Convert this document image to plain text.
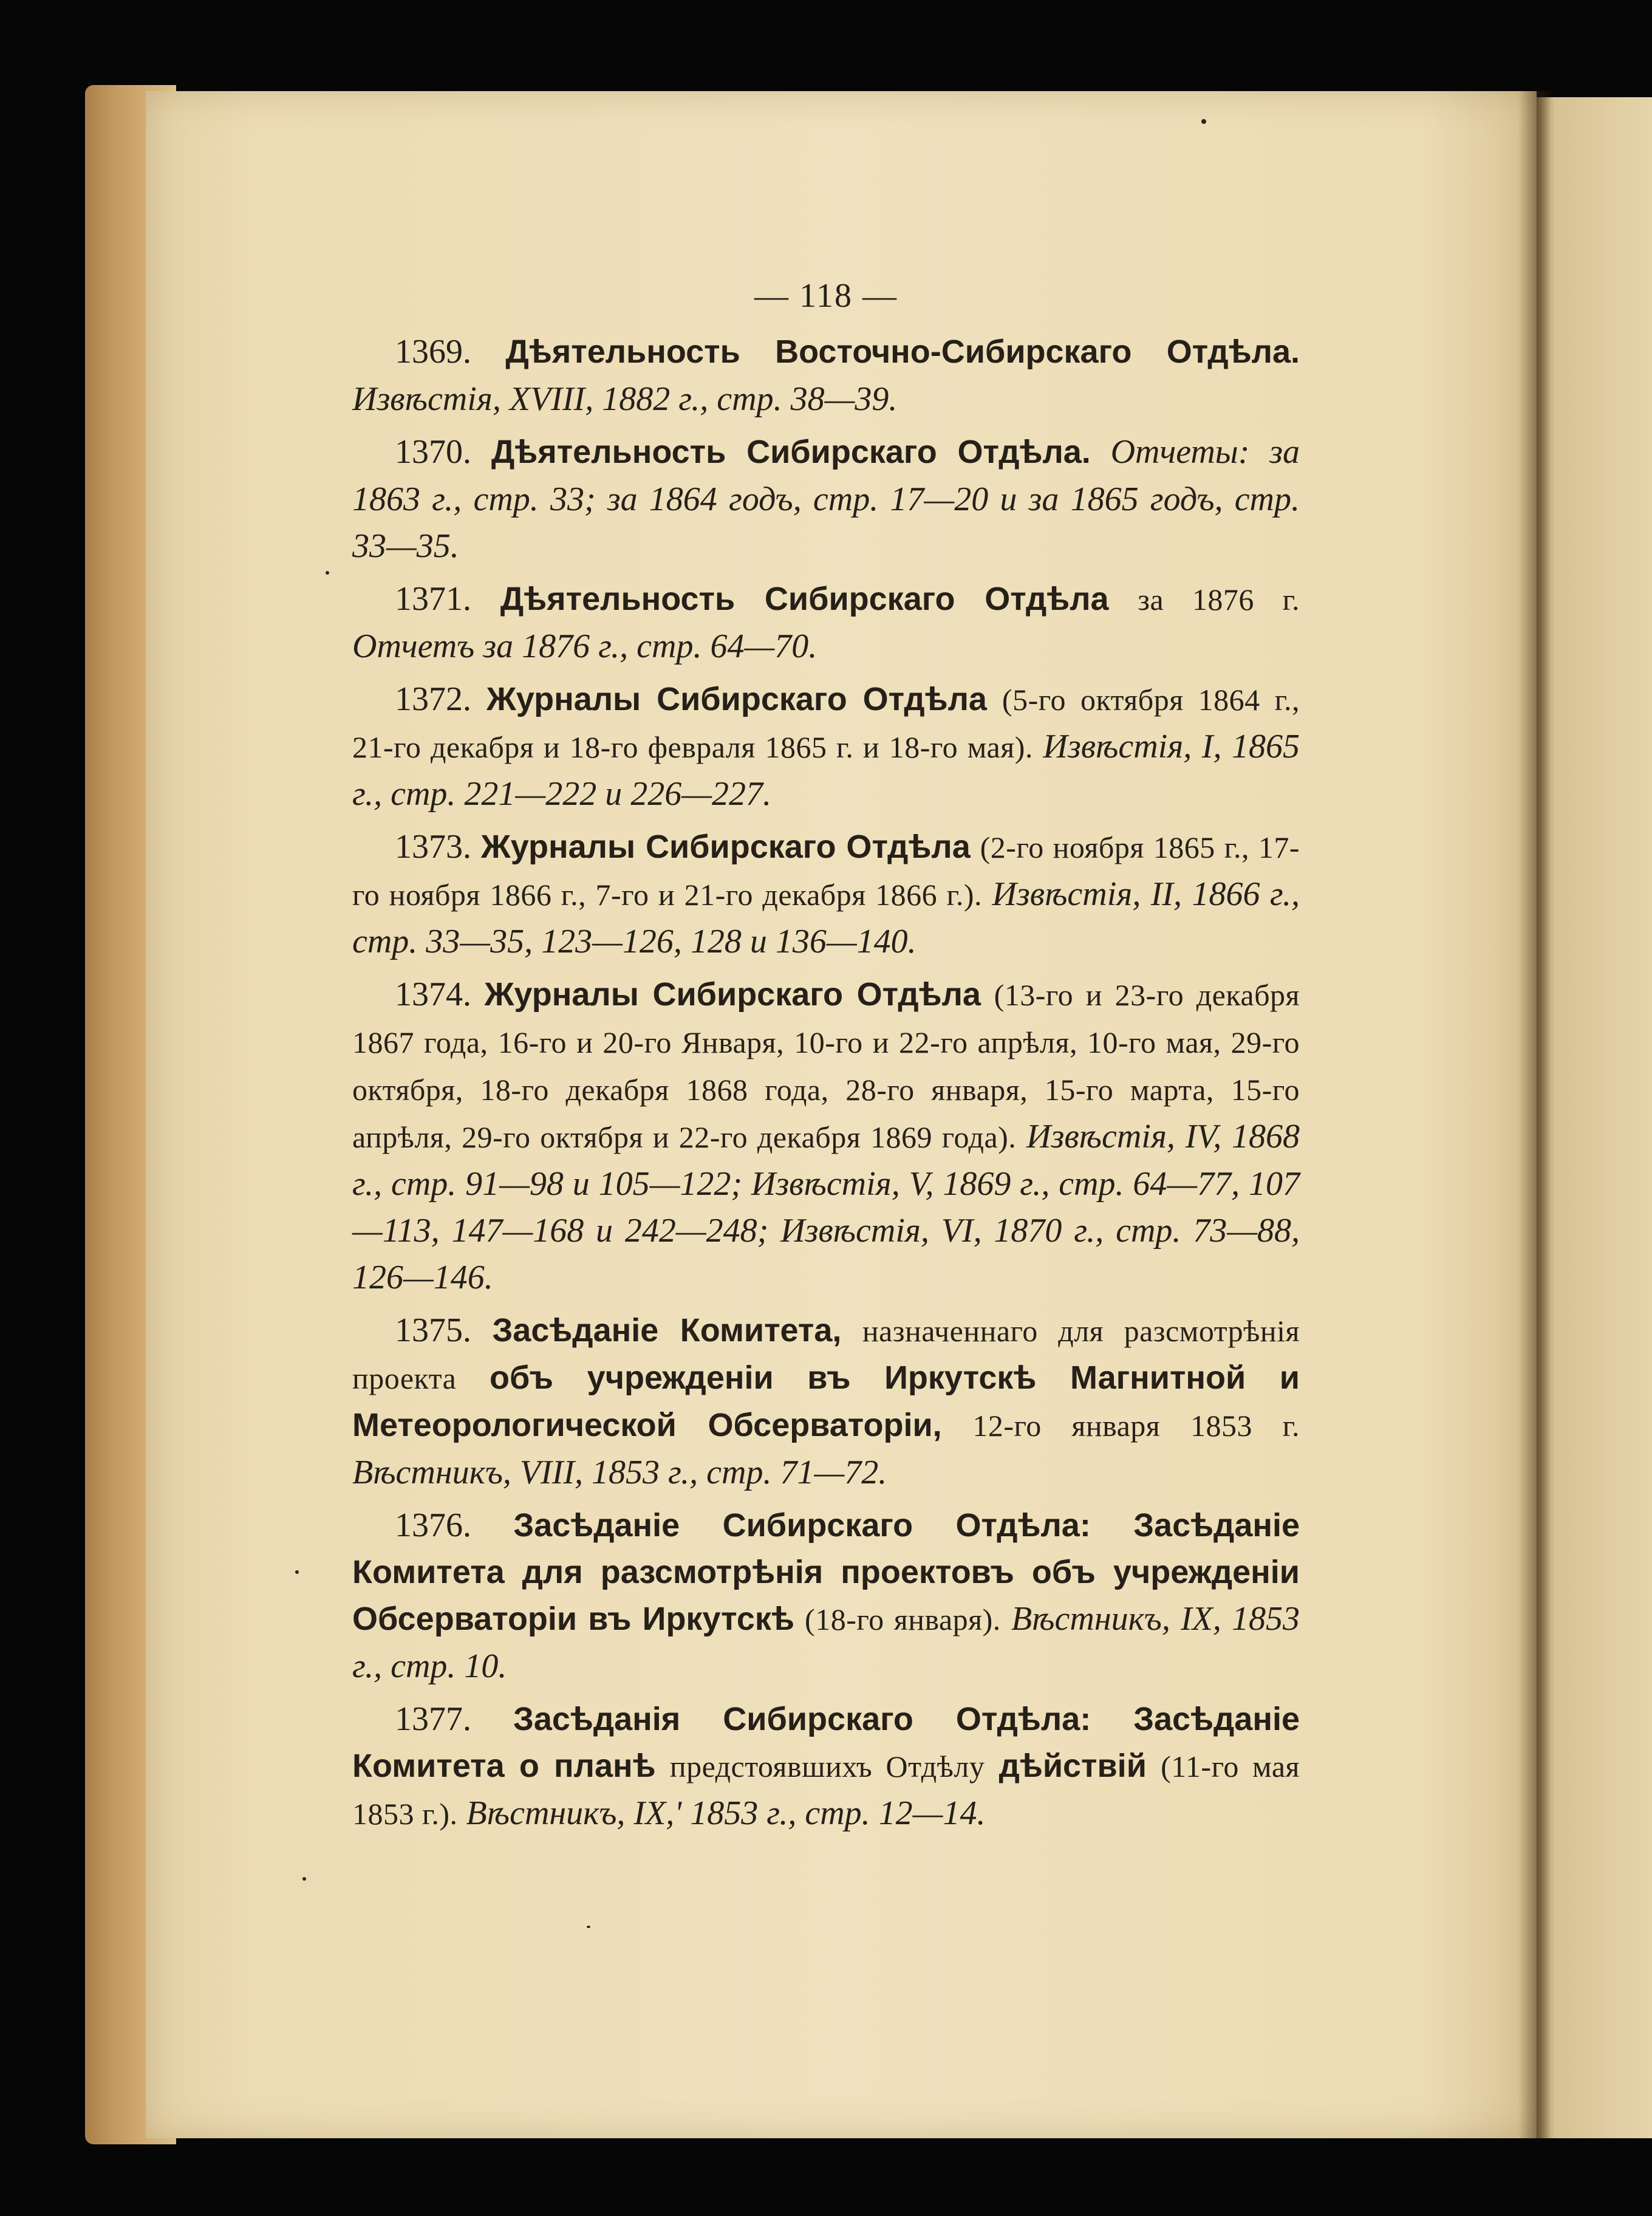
— 118 —

1369. Дѣятельность Восточно-Сибирскаго Отдѣла. Извѣстія, XVIII, 1882 г., стр. 38—39.

1370. Дѣятельность Сибирскаго Отдѣла. Отчеты: за 1863 г., стр. 33; за 1864 годъ, стр. 17—20 и за 1865 годъ, стр. 33—35.

1371. Дѣятельность Сибирскаго Отдѣла за 1876 г. Отчетъ за 1876 г., стр. 64—70.

1372. Журналы Сибирскаго Отдѣла (5-го октября 1864 г., 21-го декабря и 18-го февраля 1865 г. и 18-го мая). Извѣстія, I, 1865 г., стр. 221—222 и 226—227.

1373. Журналы Сибирскаго Отдѣла (2-го ноября 1865 г., 17-го ноября 1866 г., 7-го и 21-го декабря 1866 г.). Извѣстія, II, 1866 г., стр. 33—35, 123—126, 128 и 136—140.

1374. Журналы Сибирскаго Отдѣла (13-го и 23-го декабря 1867 года, 16-го и 20-го Января, 10-го и 22-го апрѣля, 10-го мая, 29-го октября, 18-го декабря 1868 года, 28-го января, 15-го марта, 15-го апрѣля, 29-го октября и 22-го декабря 1869 года). Извѣстія, IV, 1868 г., стр. 91—98 и 105—122; Извѣстія, V, 1869 г., стр. 64—77, 107—113, 147—168 и 242—248; Извѣстія, VI, 1870 г., стр. 73—88, 126—146.

1375. Засѣданіе Комитета, назначеннаго для разсмотрѣнія проекта объ учрежденіи въ Иркутскѣ Магнитной и Метеорологической Обсерваторіи, 12-го января 1853 г. Вѣстникъ, VIII, 1853 г., стр. 71—72.

1376. Засѣданіе Сибирскаго Отдѣла: Засѣданіе Комитета для разсмотрѣнія проектовъ объ учрежденіи Обсерваторіи въ Иркутскѣ (18-го января). Вѣстникъ, IX, 1853 г., стр. 10.

1377. Засѣданія Сибирскаго Отдѣла: Засѣданіе Комитета о планѣ предстоявшихъ Отдѣлу дѣйствій (11-го мая 1853 г.). Вѣстникъ, IX,' 1853 г., стр. 12—14.
